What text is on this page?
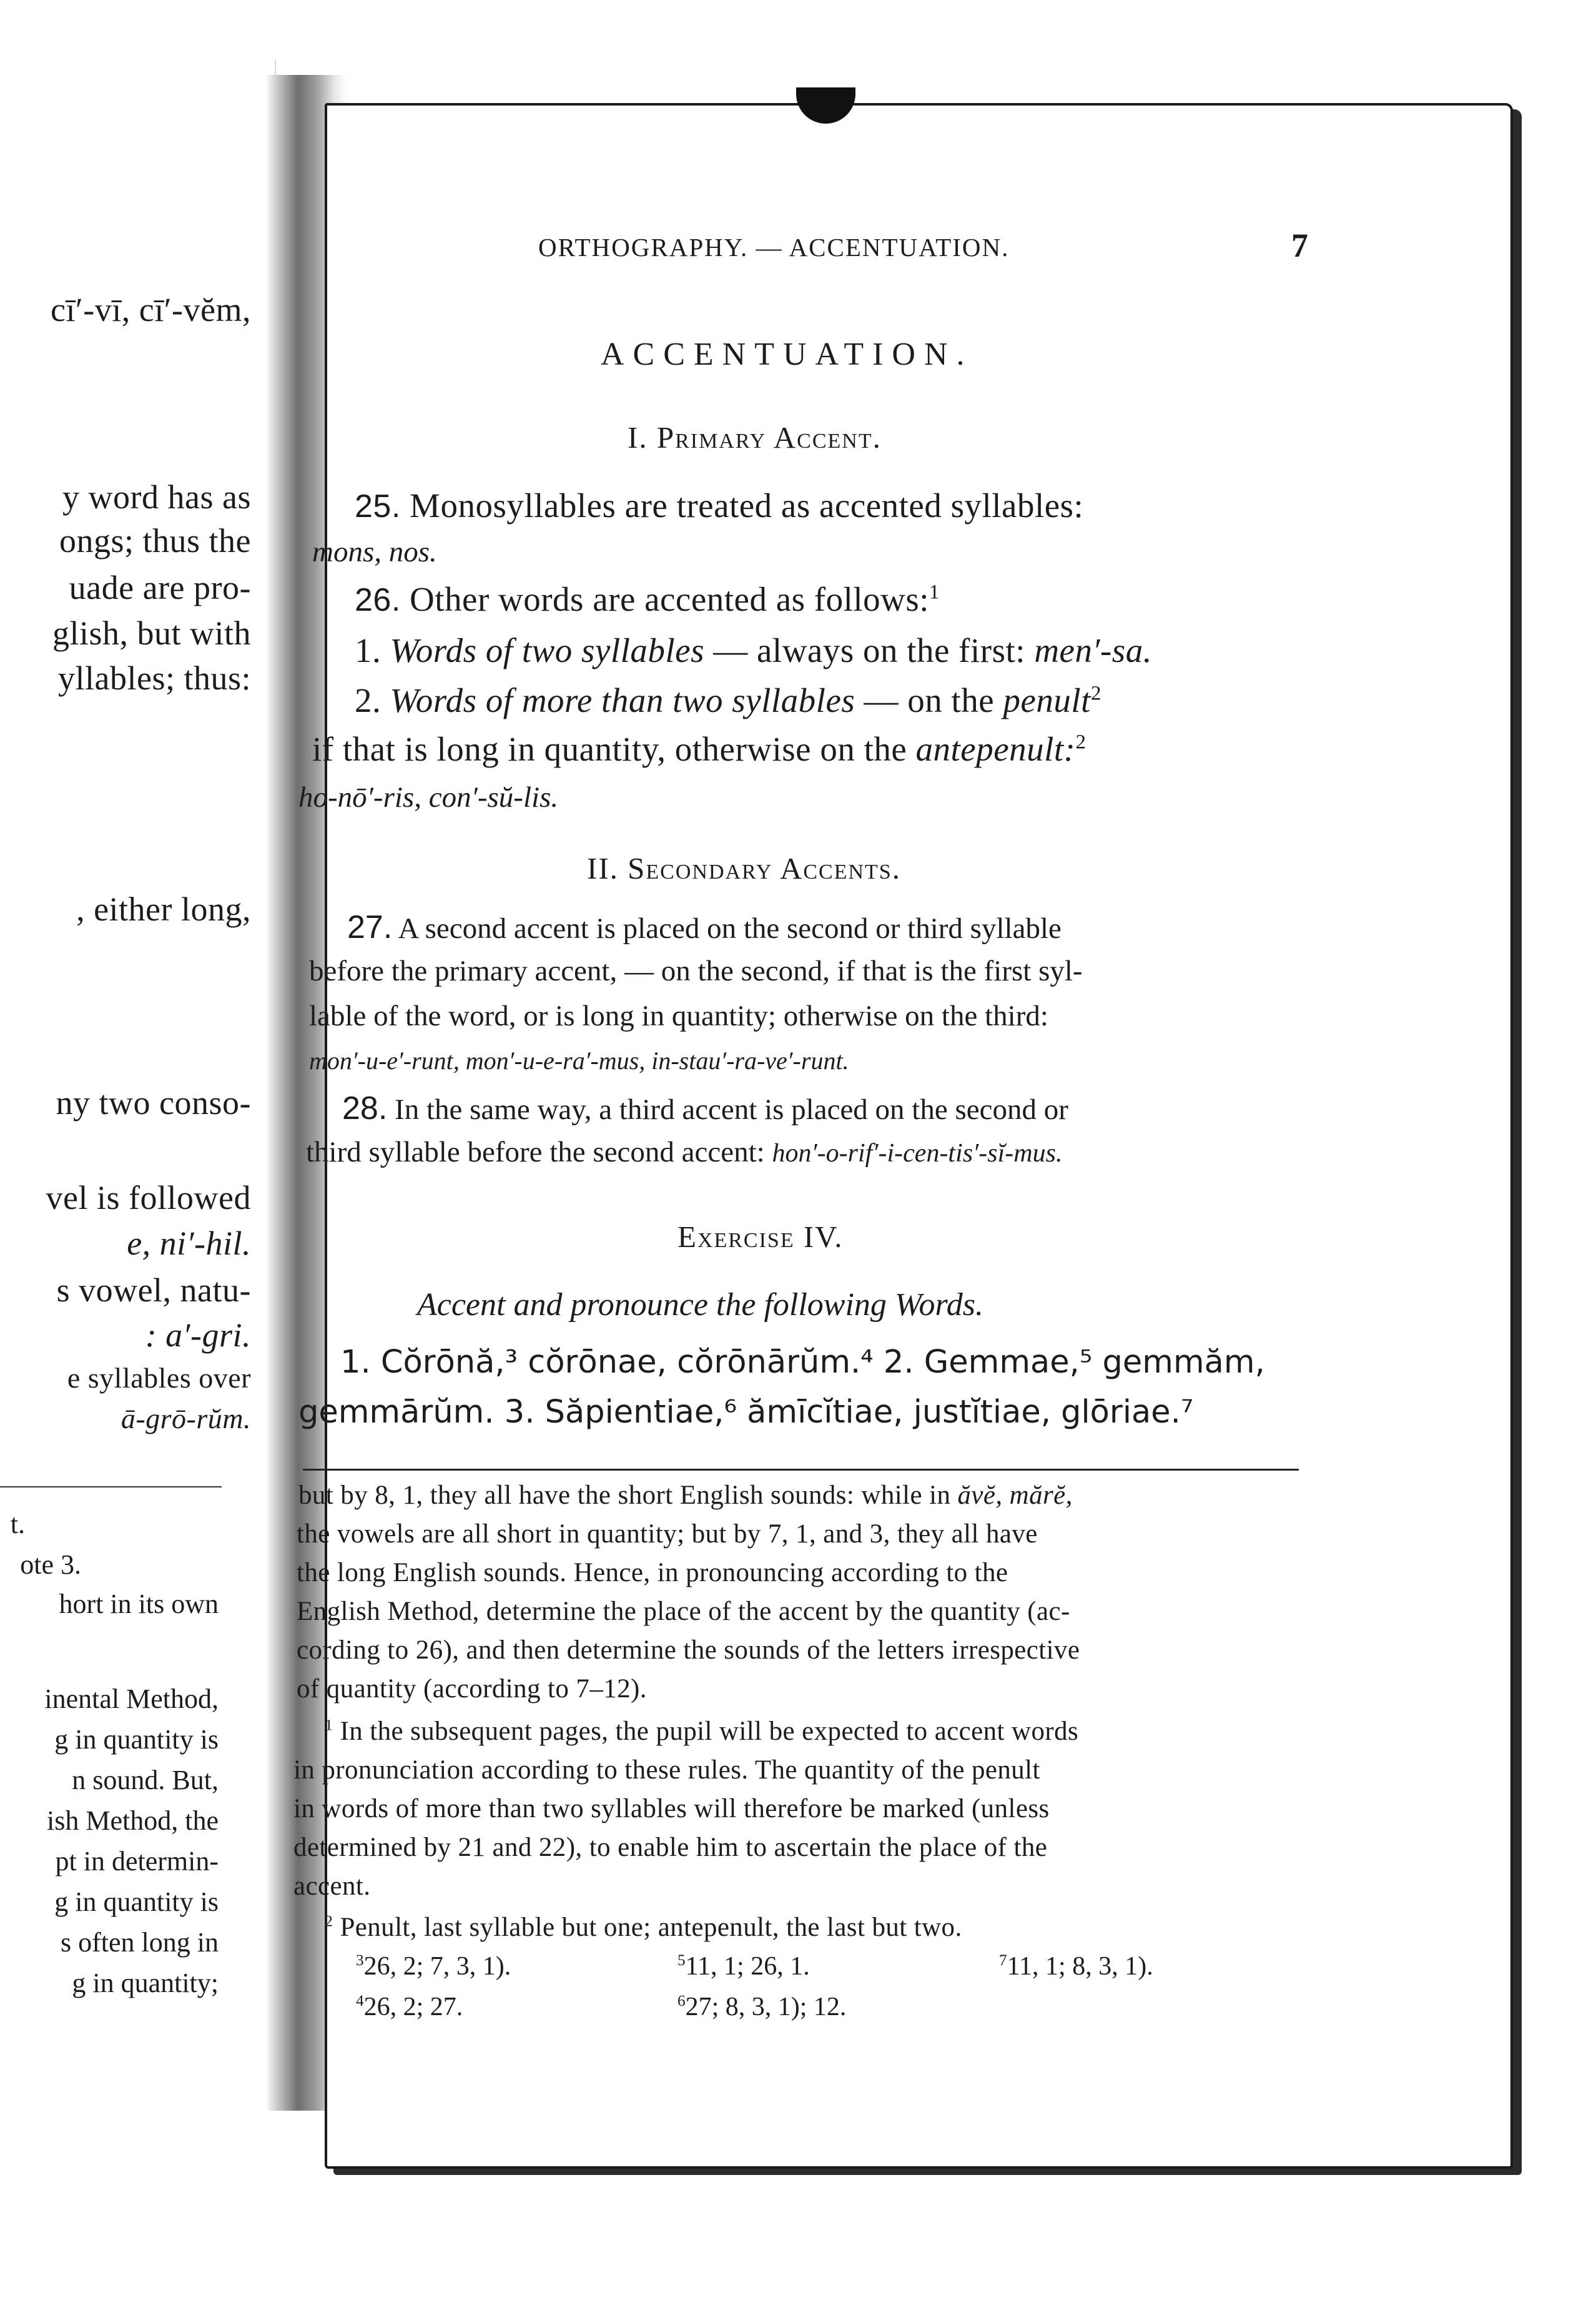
cī′-vī, cī′-vĕm,
y word has as
ongs; thus the
uade are pro-
glish, but with
yllables; thus:
, either long,
ny two conso-
vel is followed
e, ni′-hil.
s vowel, natu-
: a′-gri.
e syllables over
ā-grō-rŭm.
t.
ote 3.
hort in its own
inental Method,
g in quantity is
n sound. But,
ish Method, the
pt in determin-
g in quantity is
s often long in
g in quantity;
ORTHOGRAPHY. — ACCENTUATION.	7
ACCENTUATION.
I. Primary Accent.
25. Monosyllables are treated as accented syllables:
mons, nos.
26. Other words are accented as follows:$^1$
1. Words of two syllables — always on the first: men′-sa.
2. Words of more than two syllables — on the penult$^2$
if that is long in quantity, otherwise on the antepenult:$^2$
ho-nō′-ris, con′-sŭ-lis.
II. Secondary Accents.
27. A second accent is placed on the second or third syllable
before the primary accent, — on the second, if that is the first syl-
lable of the word, or is long in quantity; otherwise on the third:
mon′-u-e′-runt, mon′-u-e-ra′-mus, in-stau′-ra-ve′-runt.
28. In the same way, a third accent is placed on the second or
third syllable before the second accent: hon′-o-rif′-i-cen-tis′-sĭ-mus.
Exercise IV.
Accent and pronounce the following Words.
1. Cŏrōnă,³ cŏrōnae, cŏrōnārŭm.⁴ 2. Gemmae,⁵ gemmăm,
gemmārŭm. 3. Săpientiae,⁶ ămīcĭtiae, justĭtiae, glōriae.⁷
but by 8, 1, they all have the short English sounds: while in ăvĕ, mărĕ,
the vowels are all short in quantity; but by 7, 1, and 3, they all have
the long English sounds. Hence, in pronouncing according to the
English Method, determine the place of the accent by the quantity (ac-
cording to 26), and then determine the sounds of the letters irrespective
of quantity (according to 7–12).
$^1$ In the subsequent pages, the pupil will be expected to accent words
in pronunciation according to these rules. The quantity of the penult
in words of more than two syllables will therefore be marked (unless
determined by 21 and 22), to enable him to ascertain the place of the
accent.
$^2$ Penult, last syllable but one; antepenult, the last but two.
$^3$26, 2; 7, 3, 1).	$^5$11, 1; 26, 1.	$^7$11, 1; 8, 3, 1).
$^4$26, 2; 27.	$^6$27; 8, 3, 1); 12.
